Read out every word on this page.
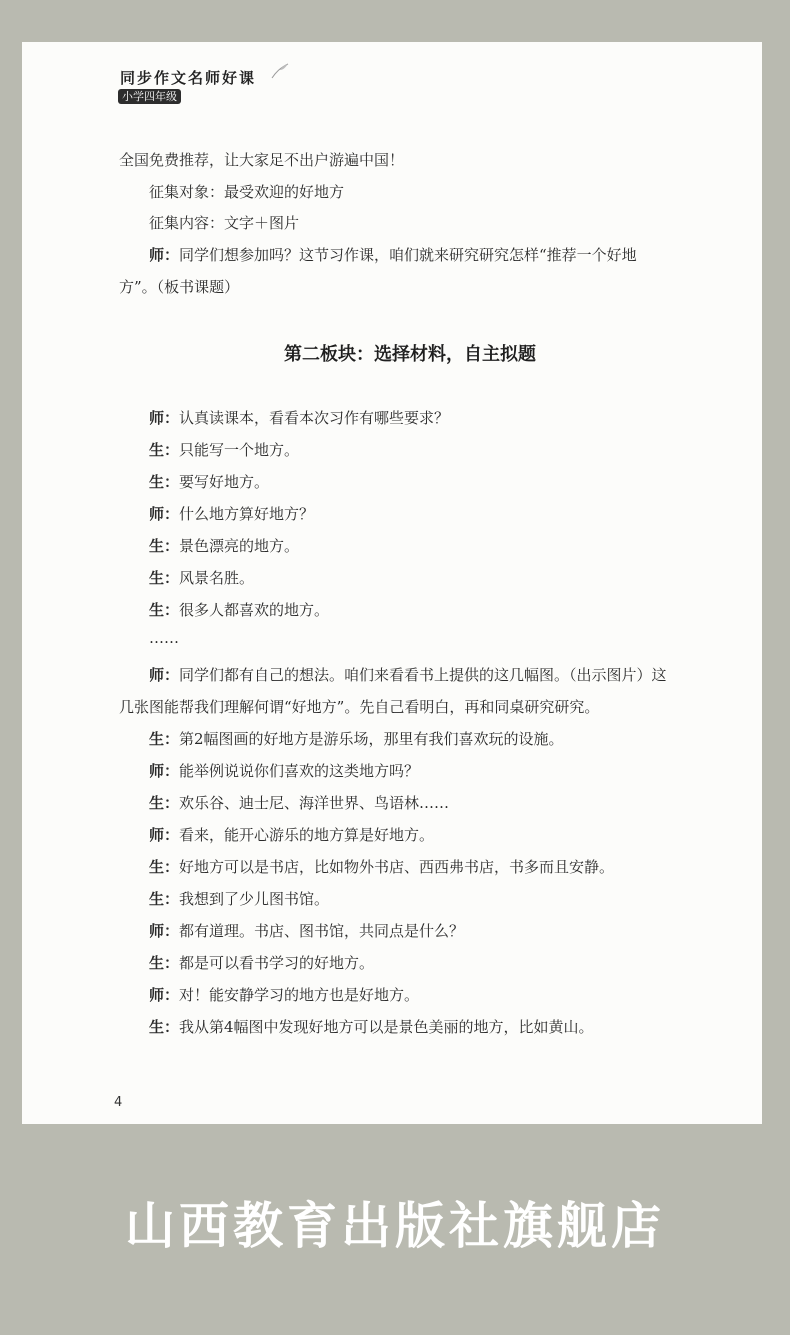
同步作文名师好课
小学四年级
全国免费推荐，让大家足不出户游遍中国！
征集对象：最受欢迎的好地方
征集内容：文字＋图片
师：同学们想参加吗？这节习作课，咱们就来研究研究怎样“推荐一个好地
方”。（板书课题）
第二板块：选择材料，自主拟题
师：认真读课本，看看本次习作有哪些要求？
生：只能写一个地方。
生：要写好地方。
师：什么地方算好地方？
生：景色漂亮的地方。
生：风景名胜。
生：很多人都喜欢的地方。
……
师：同学们都有自己的想法。咱们来看看书上提供的这几幅图。（出示图片）这
几张图能帮我们理解何谓“好地方”。先自己看明白，再和同桌研究研究。
生：第2幅图画的好地方是游乐场，那里有我们喜欢玩的设施。
师：能举例说说你们喜欢的这类地方吗？
生：欢乐谷、迪士尼、海洋世界、鸟语林……
师：看来，能开心游乐的地方算是好地方。
生：好地方可以是书店，比如物外书店、西西弗书店，书多而且安静。
生：我想到了少儿图书馆。
师：都有道理。书店、图书馆，共同点是什么？
生：都是可以看书学习的好地方。
师：对！能安静学习的地方也是好地方。
生：我从第4幅图中发现好地方可以是景色美丽的地方，比如黄山。
4
山西教育出版社旗舰店
